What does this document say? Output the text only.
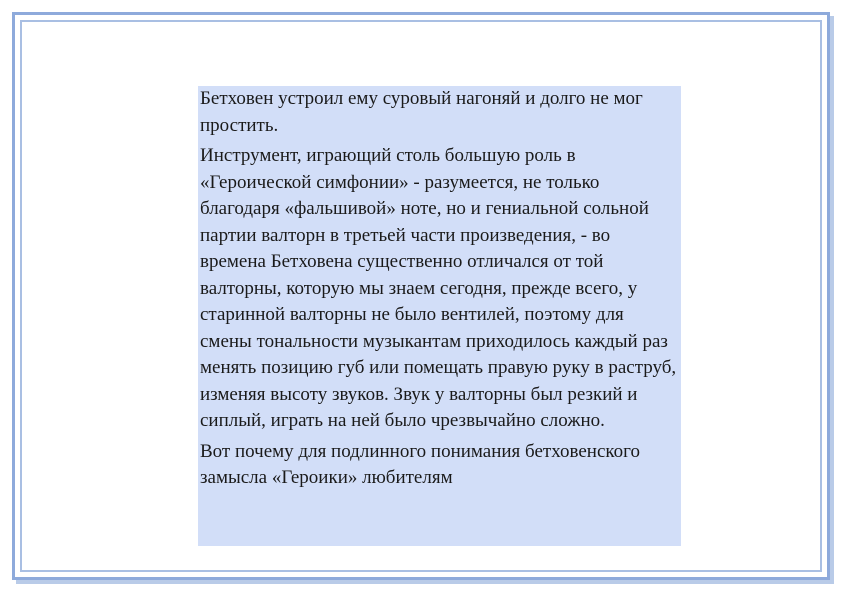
Бетховен устроил ему суровый нагоняй и долго не мог простить.

Инструмент, играющий столь большую роль в «Героической симфонии» - разумеется, не только благодаря «фальшивой» ноте, но и гениальной сольной партии валторн в третьей части произведения, - во времена Бетховена существенно отличался от той валторны, которую мы знаем сегодня, прежде всего, у старинной валторны не было вентилей, поэтому для смены тональности музыкантам приходилось каждый раз менять позицию губ или помещать правую руку в раструб, изменяя высоту звуков. Звук у валторны был резкий и сиплый, играть на ней было чрезвычайно сложно.

Вот почему для подлинного понимания бетховенского замысла «Героики» любителям
